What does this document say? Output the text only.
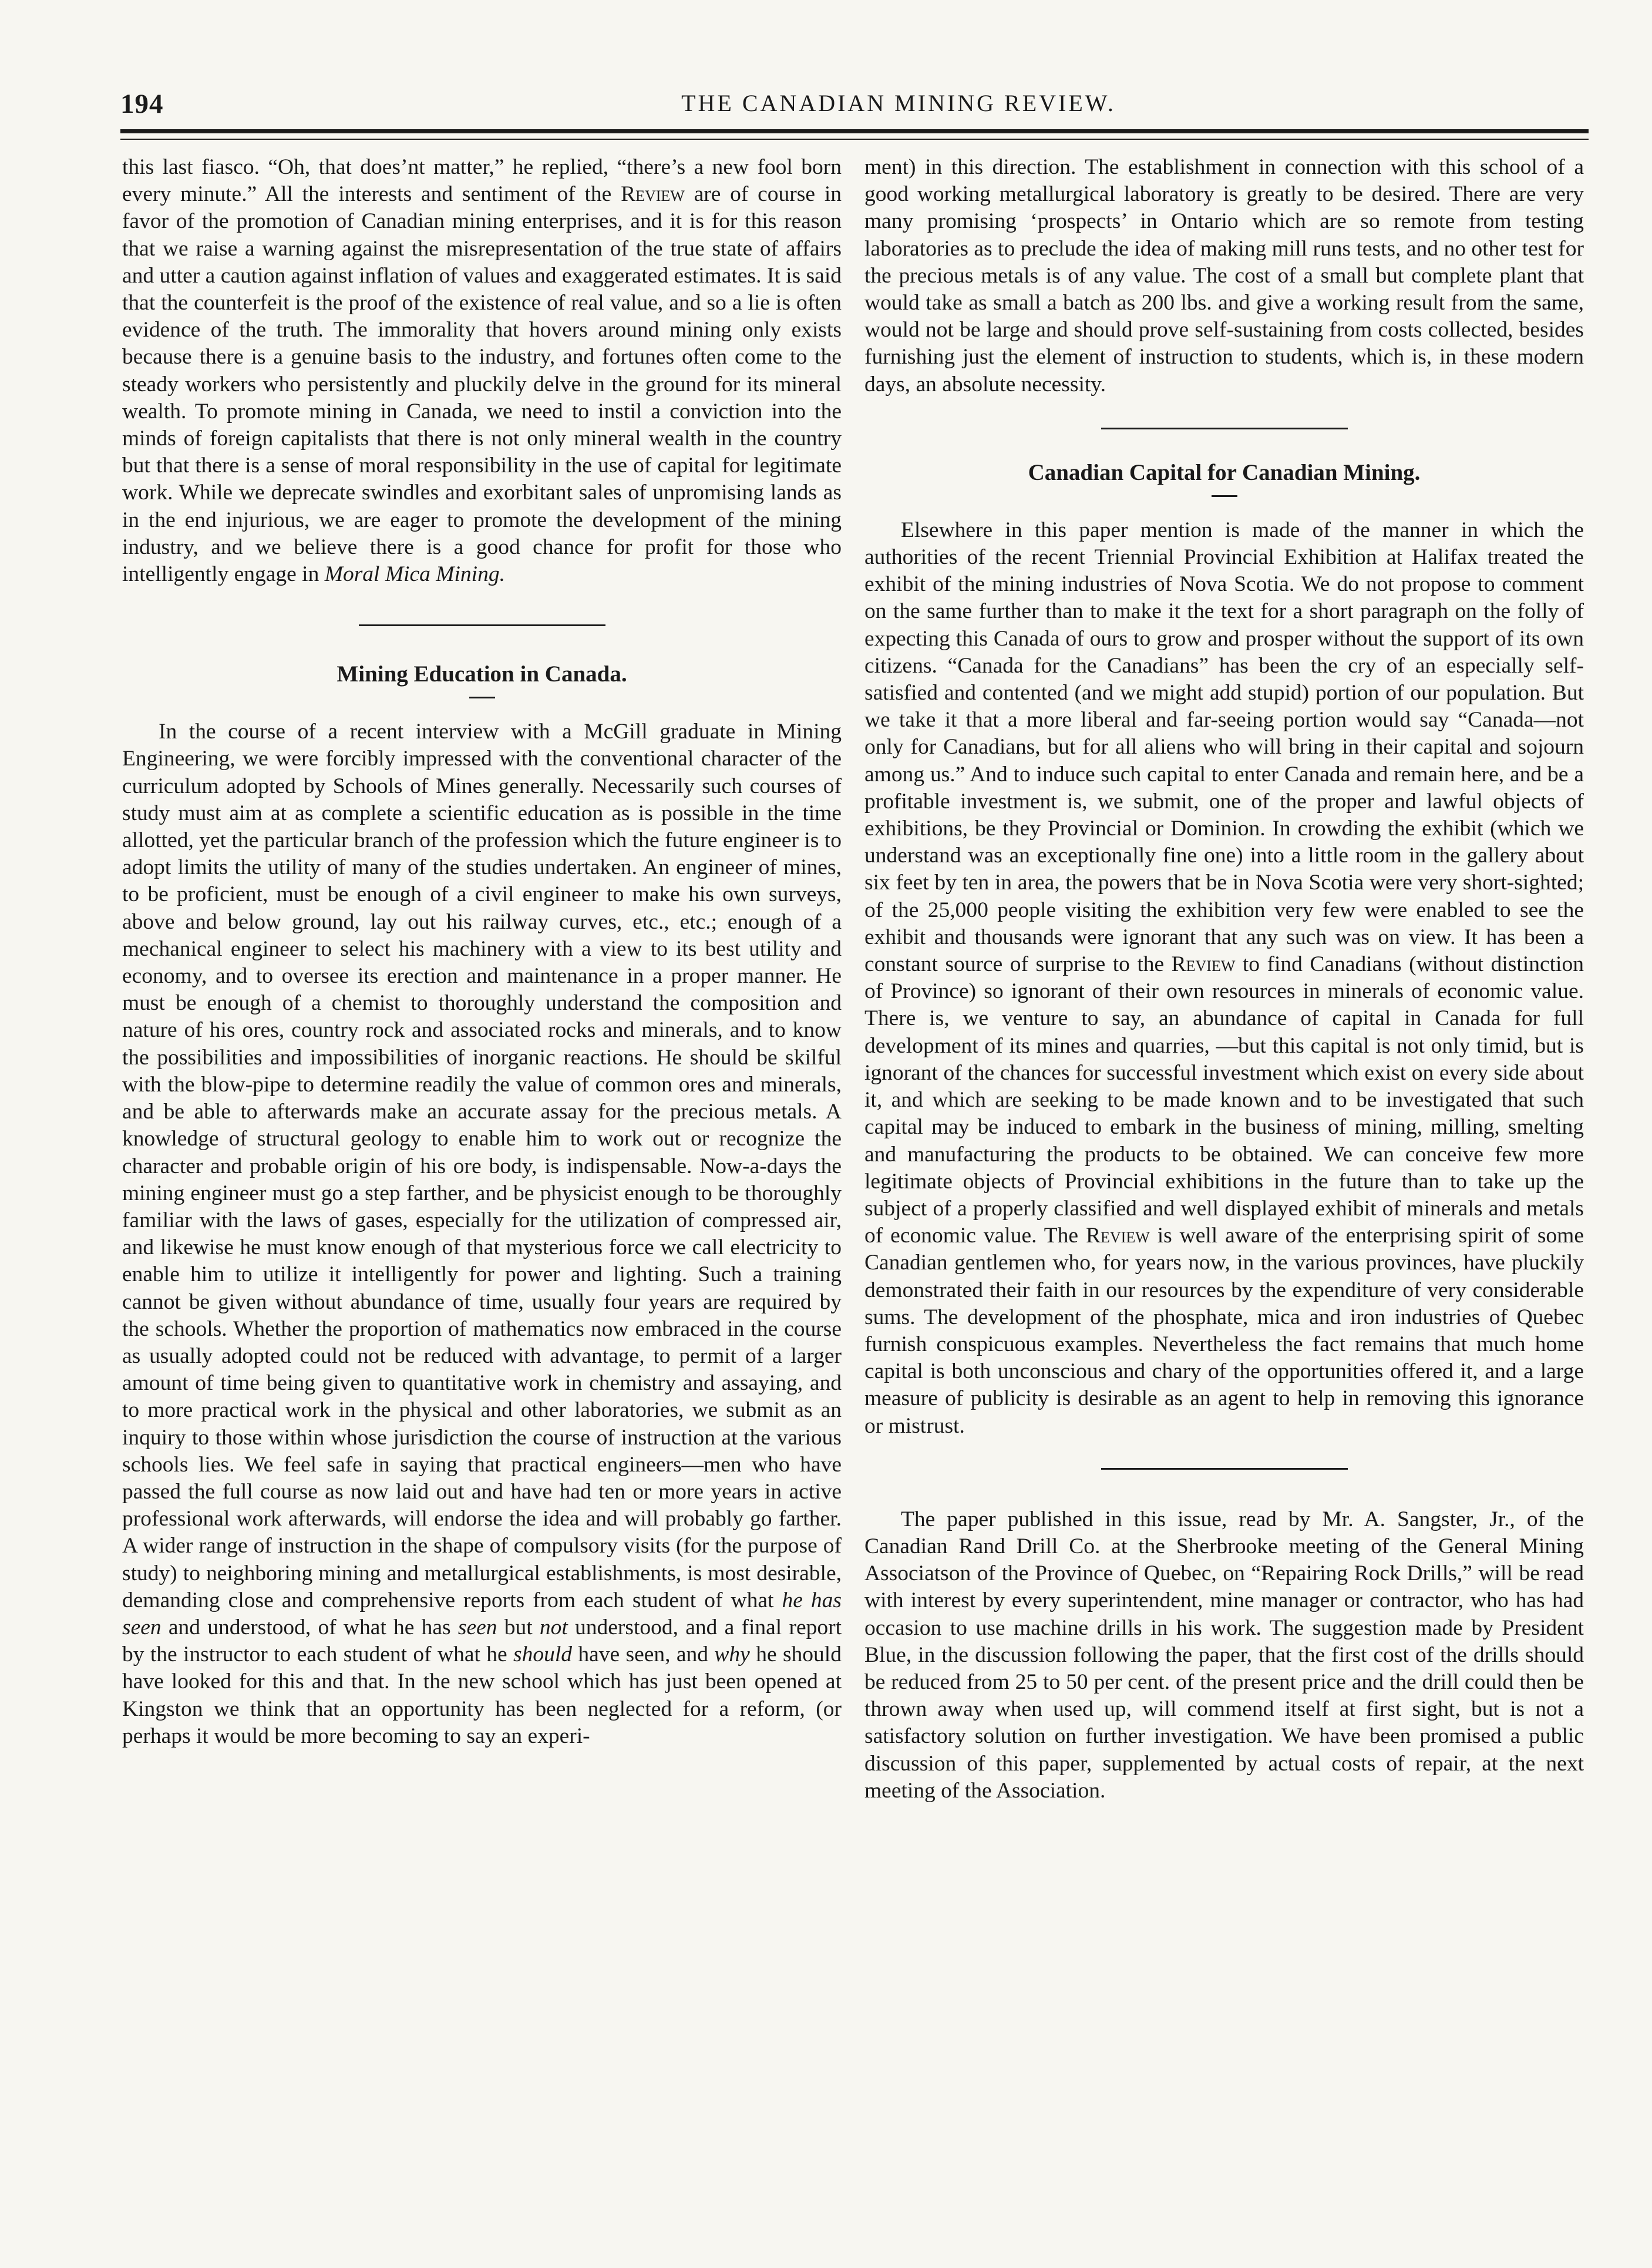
194	THE CANADIAN MINING REVIEW.

this last fiasco. “Oh, that does’nt matter,” he replied, “there’s a new fool born every minute.” All the interests and sentiment of the Review are of course in favor of the promotion of Canadian mining enterprises, and it is for this reason that we raise a warning against the misrepresentation of the true state of affairs and utter a caution against inflation of values and exaggerated estimates. It is said that the counterfeit is the proof of the existence of real value, and so a lie is often evidence of the truth. The immorality that hovers around mining only exists because there is a genuine basis to the industry, and fortunes often come to the steady workers who persistently and pluckily delve in the ground for its mineral wealth. To promote mining in Canada, we need to instil a conviction into the minds of foreign capitalists that there is not only mineral wealth in the country but that there is a sense of moral responsibility in the use of capital for legitimate work. While we deprecate swindles and exorbitant sales of unpromising lands as in the end injurious, we are eager to promote the development of the mining industry, and we believe there is a good chance for profit for those who intelligently engage in Moral Mica Mining.

Mining Education in Canada.

In the course of a recent interview with a McGill graduate in Mining Engineering, we were forcibly impressed with the conventional character of the curriculum adopted by Schools of Mines generally. Necessarily such courses of study must aim at as complete a scientific education as is possible in the time allotted, yet the particular branch of the profession which the future engineer is to adopt limits the utility of many of the studies undertaken. An engineer of mines, to be proficient, must be enough of a civil engineer to make his own surveys, above and below ground, lay out his railway curves, etc., etc.; enough of a mechanical engineer to select his machinery with a view to its best utility and economy, and to oversee its erection and maintenance in a proper manner. He must be enough of a chemist to thoroughly understand the composition and nature of his ores, country rock and associated rocks and minerals, and to know the possibilities and impossibilities of inorganic reactions. He should be skilful with the blow-pipe to determine readily the value of common ores and minerals, and be able to afterwards make an accurate assay for the precious metals. A knowledge of structural geology to enable him to work out or recognize the character and probable origin of his ore body, is indispensable. Now-a-days the mining engineer must go a step farther, and be physicist enough to be thoroughly familiar with the laws of gases, especially for the utilization of compressed air, and likewise he must know enough of that mysterious force we call electricity to enable him to utilize it intelligently for power and lighting. Such a training cannot be given without abundance of time, usually four years are required by the schools. Whether the proportion of mathematics now embraced in the course as usually adopted could not be reduced with advantage, to permit of a larger amount of time being given to quantitative work in chemistry and assaying, and to more practical work in the physical and other laboratories, we submit as an inquiry to those within whose jurisdiction the course of instruction at the various schools lies. We feel safe in saying that practical engineers—men who have passed the full course as now laid out and have had ten or more years in active professional work afterwards, will endorse the idea and will probably go farther. A wider range of instruction in the shape of compulsory visits (for the purpose of study) to neighboring mining and metallurgical establishments, is most desirable, demanding close and comprehensive reports from each student of what he has seen and understood, of what he has seen but not understood, and a final report by the instructor to each student of what he should have seen, and why he should have looked for this and that. In the new school which has just been opened at Kingston we think that an opportunity has been neglected for a reform, (or perhaps it would be more becoming to say an experi-

ment) in this direction. The establishment in connection with this school of a good working metallurgical laboratory is greatly to be desired. There are very many promising ‘prospects’ in Ontario which are so remote from testing laboratories as to preclude the idea of making mill runs tests, and no other test for the precious metals is of any value. The cost of a small but complete plant that would take as small a batch as 200 lbs. and give a working result from the same, would not be large and should prove self-sustaining from costs collected, besides furnishing just the element of instruction to students, which is, in these modern days, an absolute necessity.

Canadian Capital for Canadian Mining.

Elsewhere in this paper mention is made of the manner in which the authorities of the recent Triennial Provincial Exhibition at Halifax treated the exhibit of the mining industries of Nova Scotia. We do not propose to comment on the same further than to make it the text for a short paragraph on the folly of expecting this Canada of ours to grow and prosper without the support of its own citizens. “Canada for the Canadians” has been the cry of an especially self-satisfied and contented (and we might add stupid) portion of our population. But we take it that a more liberal and far-seeing portion would say “Canada—not only for Canadians, but for all aliens who will bring in their capital and sojourn among us.” And to induce such capital to enter Canada and remain here, and be a profitable investment is, we submit, one of the proper and lawful objects of exhibitions, be they Provincial or Dominion. In crowding the exhibit (which we understand was an exceptionally fine one) into a little room in the gallery about six feet by ten in area, the powers that be in Nova Scotia were very short-sighted; of the 25,000 people visiting the exhibition very few were enabled to see the exhibit and thousands were ignorant that any such was on view. It has been a constant source of surprise to the Review to find Canadians (without distinction of Province) so ignorant of their own resources in minerals of economic value. There is, we venture to say, an abundance of capital in Canada for full development of its mines and quarries, —but this capital is not only timid, but is ignorant of the chances for successful investment which exist on every side about it, and which are seeking to be made known and to be investigated that such capital may be induced to embark in the business of mining, milling, smelting and manufacturing the products to be obtained. We can conceive few more legitimate objects of Provincial exhibitions in the future than to take up the subject of a properly classified and well displayed exhibit of minerals and metals of economic value. The Review is well aware of the enterprising spirit of some Canadian gentlemen who, for years now, in the various provinces, have pluckily demonstrated their faith in our resources by the expenditure of very considerable sums. The development of the phosphate, mica and iron industries of Quebec furnish conspicuous examples. Nevertheless the fact remains that much home capital is both unconscious and chary of the opportunities offered it, and a large measure of publicity is desirable as an agent to help in removing this ignorance or mistrust.

The paper published in this issue, read by Mr. A. Sangster, Jr., of the Canadian Rand Drill Co. at the Sherbrooke meeting of the General Mining Associatson of the Province of Quebec, on “Repairing Rock Drills,” will be read with interest by every superintendent, mine manager or contractor, who has had occasion to use machine drills in his work. The suggestion made by President Blue, in the discussion following the paper, that the first cost of the drills should be reduced from 25 to 50 per cent. of the present price and the drill could then be thrown away when used up, will commend itself at first sight, but is not a satisfactory solution on further investigation. We have been promised a public discussion of this paper, supplemented by actual costs of repair, at the next meeting of the Association.
